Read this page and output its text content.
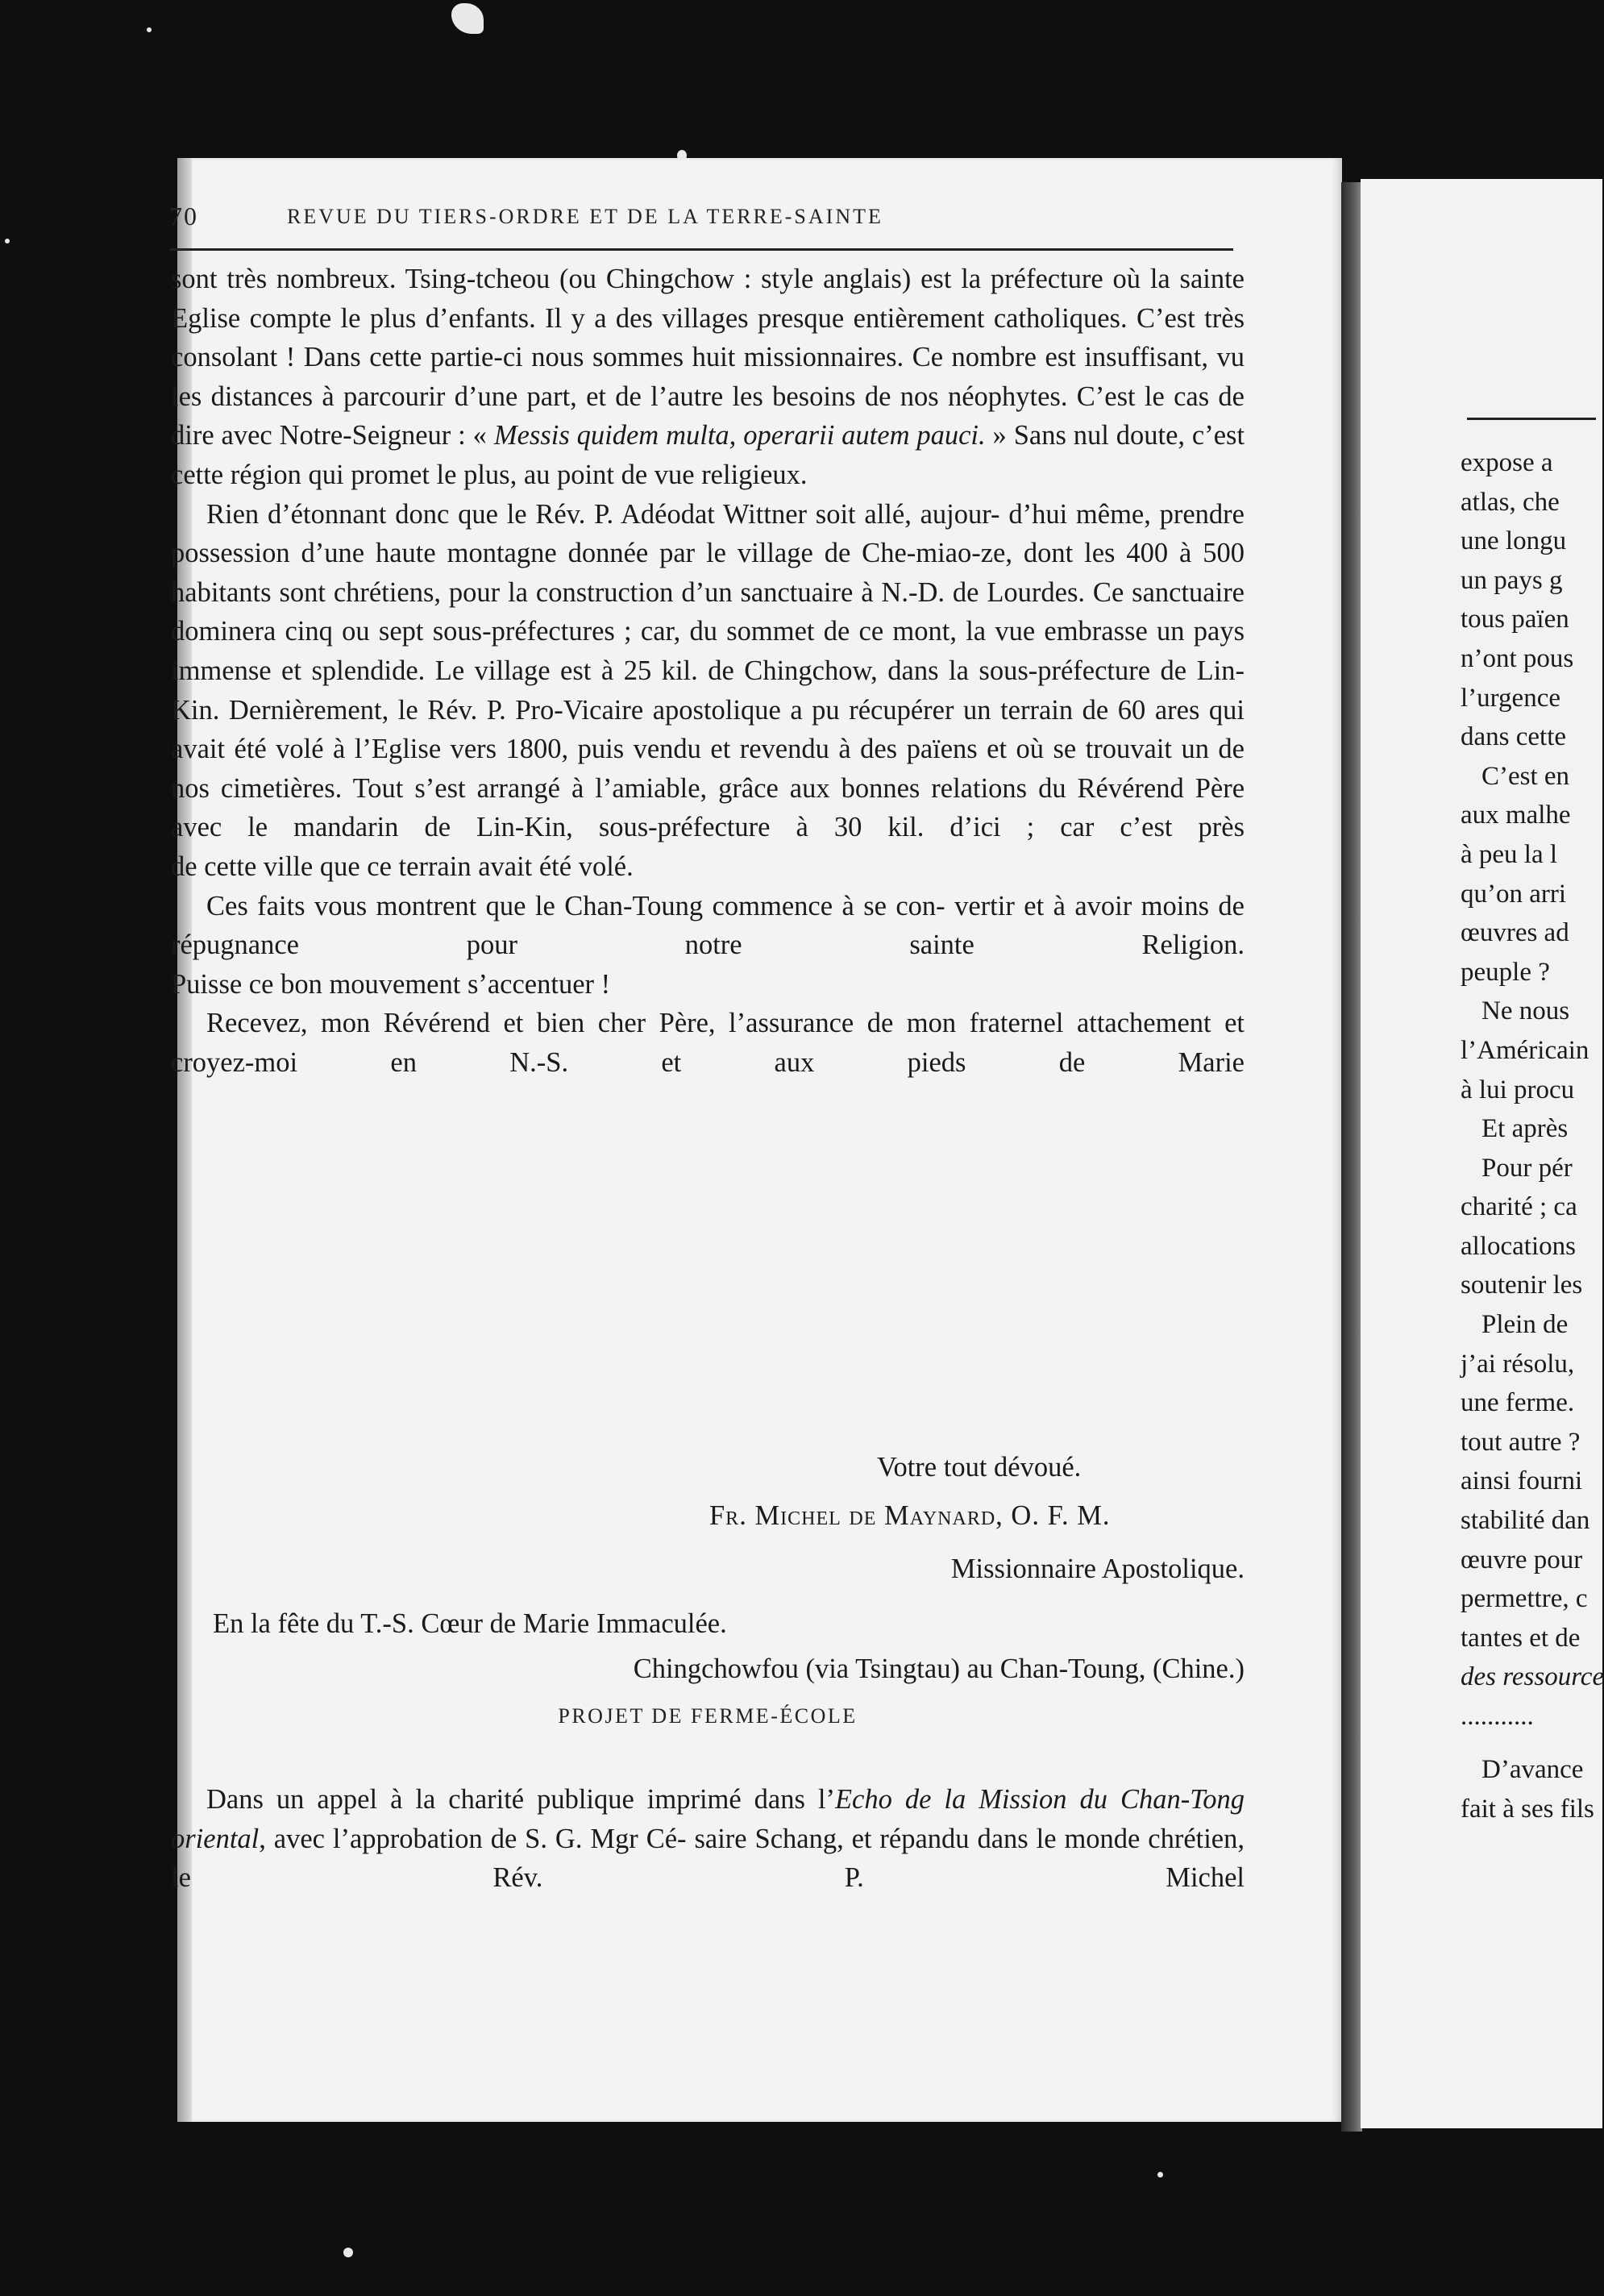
70	REVUE DU TIERS-ORDRE ET DE LA TERRE-SAINTE

sont très nombreux. Tsing-tcheou (ou Chingchow : style anglais) est la préfecture où la sainte Eglise compte le plus d’enfants. Il y a des villages presque entièrement catholiques. C’est très consolant ! Dans cette partie-ci nous sommes huit missionnaires. Ce nombre est insuffisant, vu les distances à parcourir d’une part, et de l’autre les besoins de nos néophytes. C’est le cas de dire avec Notre-Seigneur : « Messis quidem multa, operarii autem pauci. » Sans nul doute, c’est

cette région qui promet le plus, au point de vue religieux.

Rien d’étonnant donc que le Rév. P. Adéodat Wittner soit allé, aujour- d’hui même, prendre possession d’une haute montagne donnée par le village de Che-miao-ze, dont les 400 à 500 habitants sont chrétiens, pour la construction d’un sanctuaire à N.-D. de Lourdes. Ce sanctuaire dominera cinq ou sept sous-préfectures ; car, du sommet de ce mont, la vue embrasse un pays immense et splendide. Le village est à 25 kil. de Chingchow, dans la sous-préfecture de Lin-Kin. Dernièrement, le Rév. P. Pro-Vicaire apostolique a pu récupérer un terrain de 60 ares qui avait été volé à l’Eglise vers 1800, puis vendu et revendu à des païens et où se trouvait un de nos cimetières. Tout s’est arrangé à l’amiable, grâce aux bonnes relations du Révérend Père avec le mandarin de Lin-Kin, sous-préfecture à 30 kil. d’ici ; car c’est près

de cette ville que ce terrain avait été volé.

Ces faits vous montrent que le Chan-Toung commence à se con- vertir et à avoir moins de répugnance pour notre sainte Religion.

Puisse ce bon mouvement s’accentuer !

Recevez, mon Révérend et bien cher Père, l’assurance de mon fraternel attachement et croyez-moi en N.-S. et aux pieds de Marie

Votre tout dévoué.
Fr. Michel de Maynard, O. F. M.
Missionnaire Apostolique.
En la fête du T.-S. Cœur de Marie Immaculée.
Chingchowfou (via Tsingtau) au Chan-Toung, (Chine.)
PROJET DE FERME-ÉCOLE

Dans un appel à la charité publique imprimé dans l’Echo de la Mission du Chan-Tong oriental, avec l’approbation de S. G. Mgr Cé- saire Schang, et répandu dans le monde chrétien, le Rév. P. Michel

expose a
atlas, che
une longu
un pays g
tous païen
n’ont pous
l’urgence
dans cette
C’est en
aux malhe
à peu la l
qu’on arri
œuvres ad
peuple ?
Ne nous
l’Américain
à lui procu
Et après
Pour pér
charité ; ca
allocations
soutenir les
Plein de
j’ai résolu,
une ferme.
tout autre ?
ainsi fourni
stabilité dan
œuvre pour
permettre, c
tantes et de
des ressource
...........
D’avance
fait à ses fils
